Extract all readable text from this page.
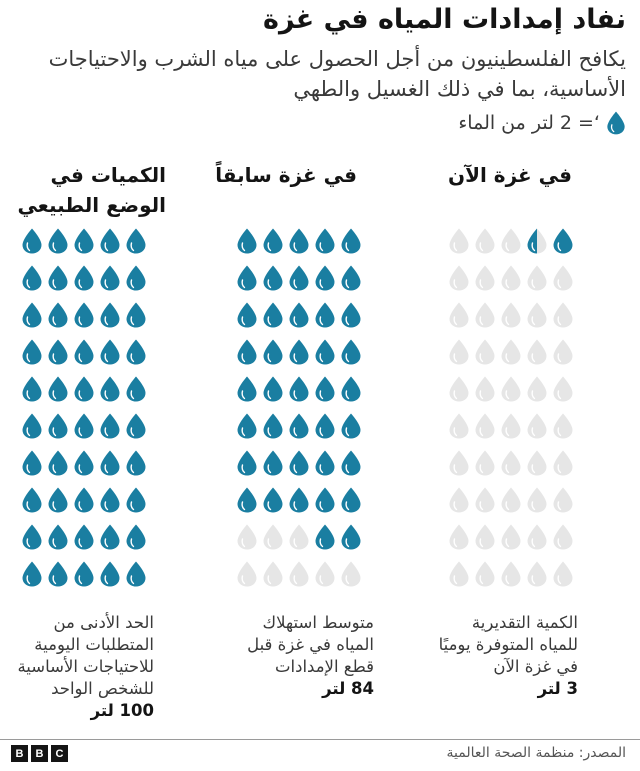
نفاد إمدادات المياه في غزة
يكافح الفلسطينيون من أجل الحصول على مياه الشرب والاحتياجات الأساسية، بما في ذلك الغسيل والطهي
‘= 2 لتر من الماء
في غزة الآن
في غزة سابقاً
الكميات في الوضع الطبيعي
الكمية التقديرية للمياه المتوفرة يوميًا في غزة الآن
3 لتر
متوسط استهلاك المياه في غزة قبل قطع الإمدادات
84 لتر
الحد الأدنى من المتطلبات اليومية للاحتياجات الأساسية للشخص الواحد
100 لتر
المصدر: منظمة الصحة العالمية
B	B	C
